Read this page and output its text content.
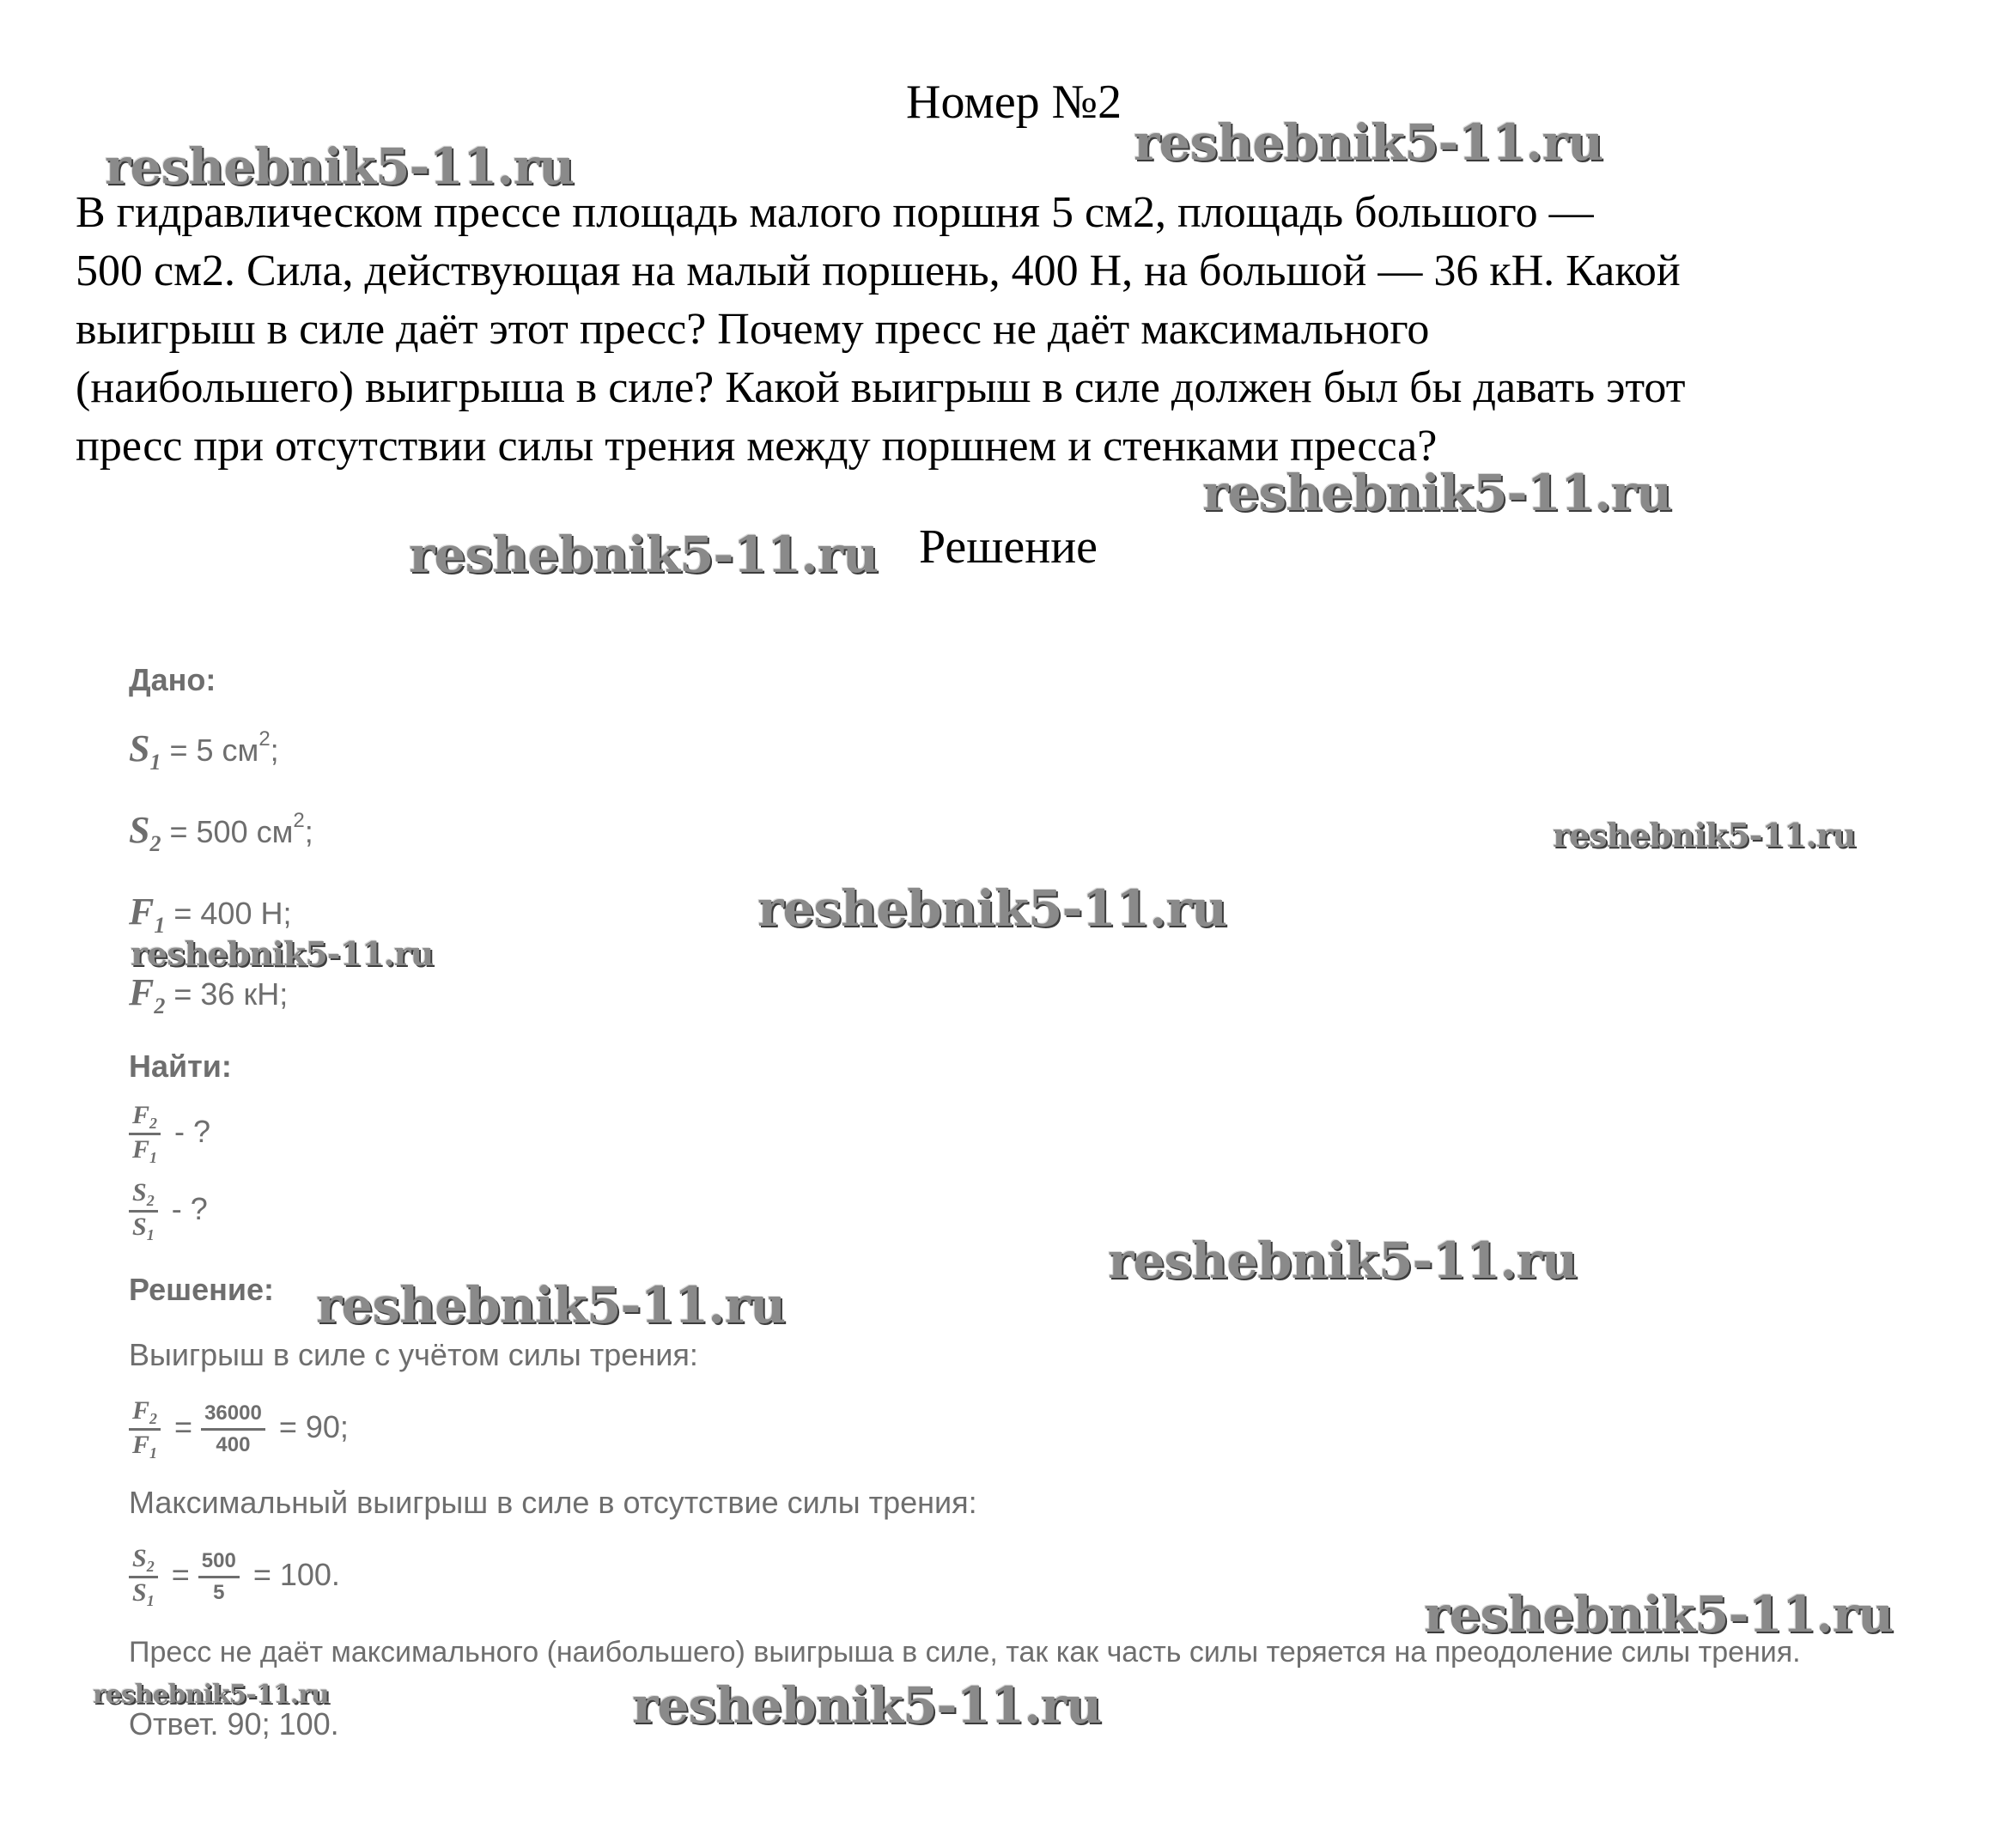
Номер №2
В гидравлическом прессе площадь малого поршня 5 см2, площадь большого —
500 см2. Сила, действующая на малый поршень, 400 Н, на большой — 36 кН. Какой
выигрыш в силе даёт этот пресс? Почему пресс не даёт максимального
(наибольшего) выигрыша в силе? Какой выигрыш в силе должен был бы давать этот
пресс при отсутствии силы трения между поршнем и стенками пресса?
Решение
Дано:
$S_1 = 5$ $см^2$;
$S_2 = 500$ $см^2$;
$F_1 = 400$ Н;
$F_2 = 36$ кН;
Найти:
$\frac{F_2}{F_1}$ - ?
$\frac{S_2}{S_1}$ - ?
Решение:
Выигрыш в силе с учётом силы трения:
$\frac{F_2}{F_1} = \frac{36000}{400} = 90$;
Максимальный выигрыш в силе в отсутствие силы трения:
$\frac{S_2}{S_1} = \frac{500}{5} = 100$.
Пресс не даёт максимального (наибольшего) выигрыша в силе, так как часть силы теряется на преодоление силы трения.
Ответ. 90; 100.
reshebnik5-11.ru	reshebnik5-11.ru
reshebnik5-11.ru
reshebnik5-11.ru
reshebnik5-11.ru
reshebnik5-11.ru
reshebnik5-11.ru
reshebnik5-11.ru
reshebnik5-11.ru
reshebnik5-11.ru
reshebnik5-11.ru	reshebnik5-11.ru
